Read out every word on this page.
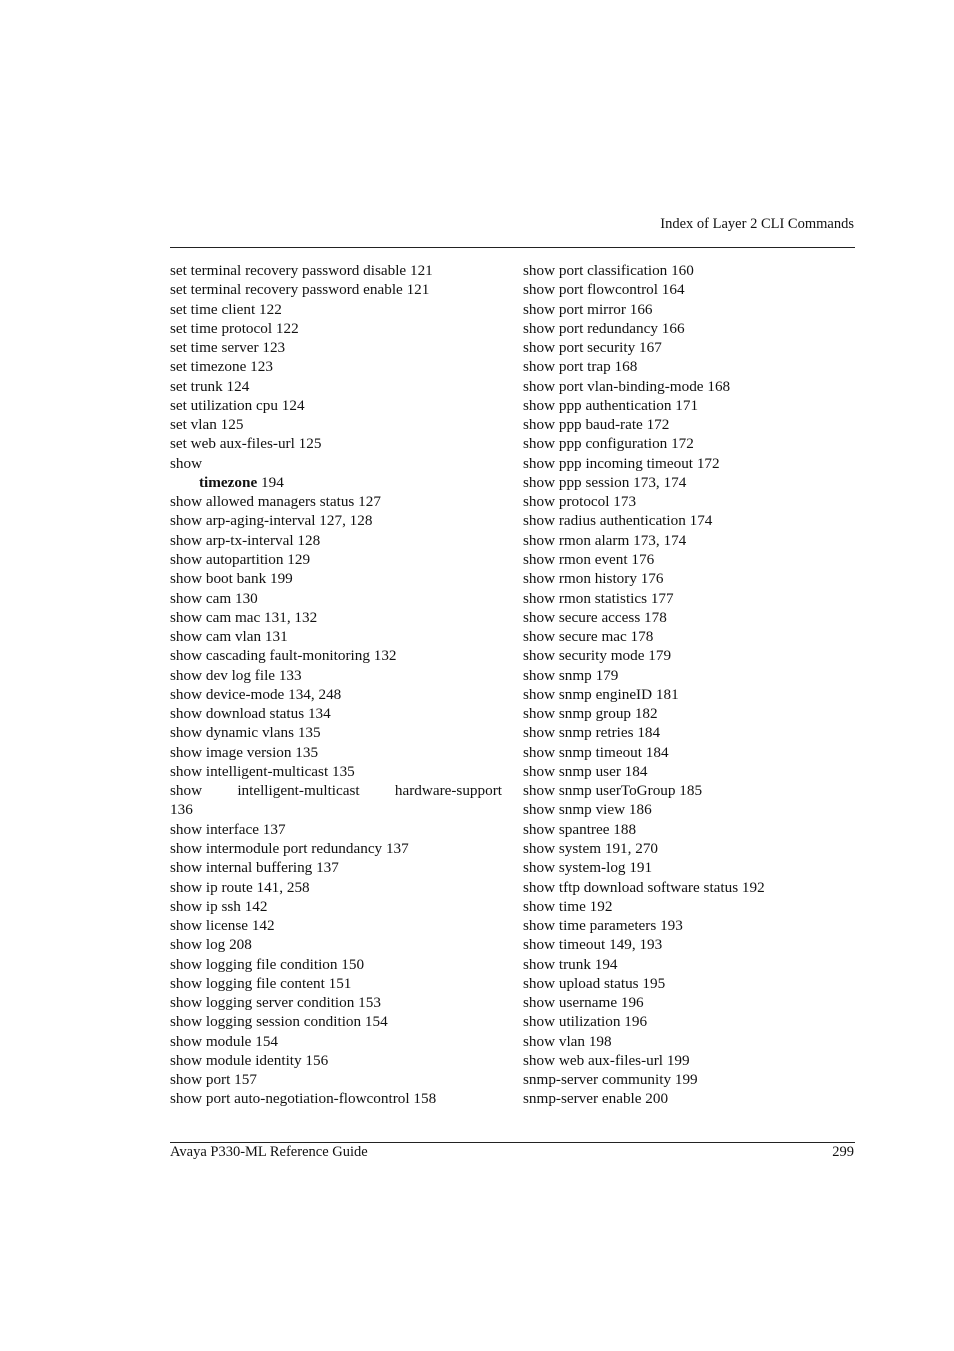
Index of Layer 2 CLI Commands
set terminal recovery password disable 121
set terminal recovery password enable 121
set time client 122
set time protocol 122
set time server 123
set timezone 123
set trunk 124
set utilization cpu 124
set vlan 125
set web aux-files-url 125
show
timezone 194
show allowed managers status 127
show arp-aging-interval 127, 128
show arp-tx-interval 128
show autopartition 129
show boot bank 199
show cam 130
show cam mac 131, 132
show cam vlan 131
show cascading fault-monitoring 132
show dev log file 133
show device-mode 134, 248
show download status 134
show dynamic vlans 135
show image version 135
show intelligent-multicast 135
show intelligent-multicast hardware-support
136
show interface 137
show intermodule port redundancy 137
show internal buffering 137
show ip route 141, 258
show ip ssh 142
show license 142
show log 208
show logging file condition 150
show logging file content 151
show logging server condition 153
show logging session condition 154
show module 154
show module identity 156
show port 157
show port auto-negotiation-flowcontrol 158
show port classification 160
show port flowcontrol 164
show port mirror 166
show port redundancy 166
show port security 167
show port trap 168
show port vlan-binding-mode 168
show ppp authentication 171
show ppp baud-rate 172
show ppp configuration 172
show ppp incoming timeout 172
show ppp session 173, 174
show protocol 173
show radius authentication 174
show rmon alarm 173, 174
show rmon event 176
show rmon history 176
show rmon statistics 177
show secure access 178
show secure mac 178
show security mode 179
show snmp 179
show snmp engineID 181
show snmp group 182
show snmp retries 184
show snmp timeout 184
show snmp user 184
show snmp userToGroup 185
show snmp view 186
show spantree 188
show system 191, 270
show system-log 191
show tftp download software status 192
show time 192
show time parameters 193
show timeout 149, 193
show trunk 194
show upload status 195
show username 196
show utilization 196
show vlan 198
show web aux-files-url 199
snmp-server community 199
snmp-server enable 200
Avaya P330-ML Reference Guide	299
